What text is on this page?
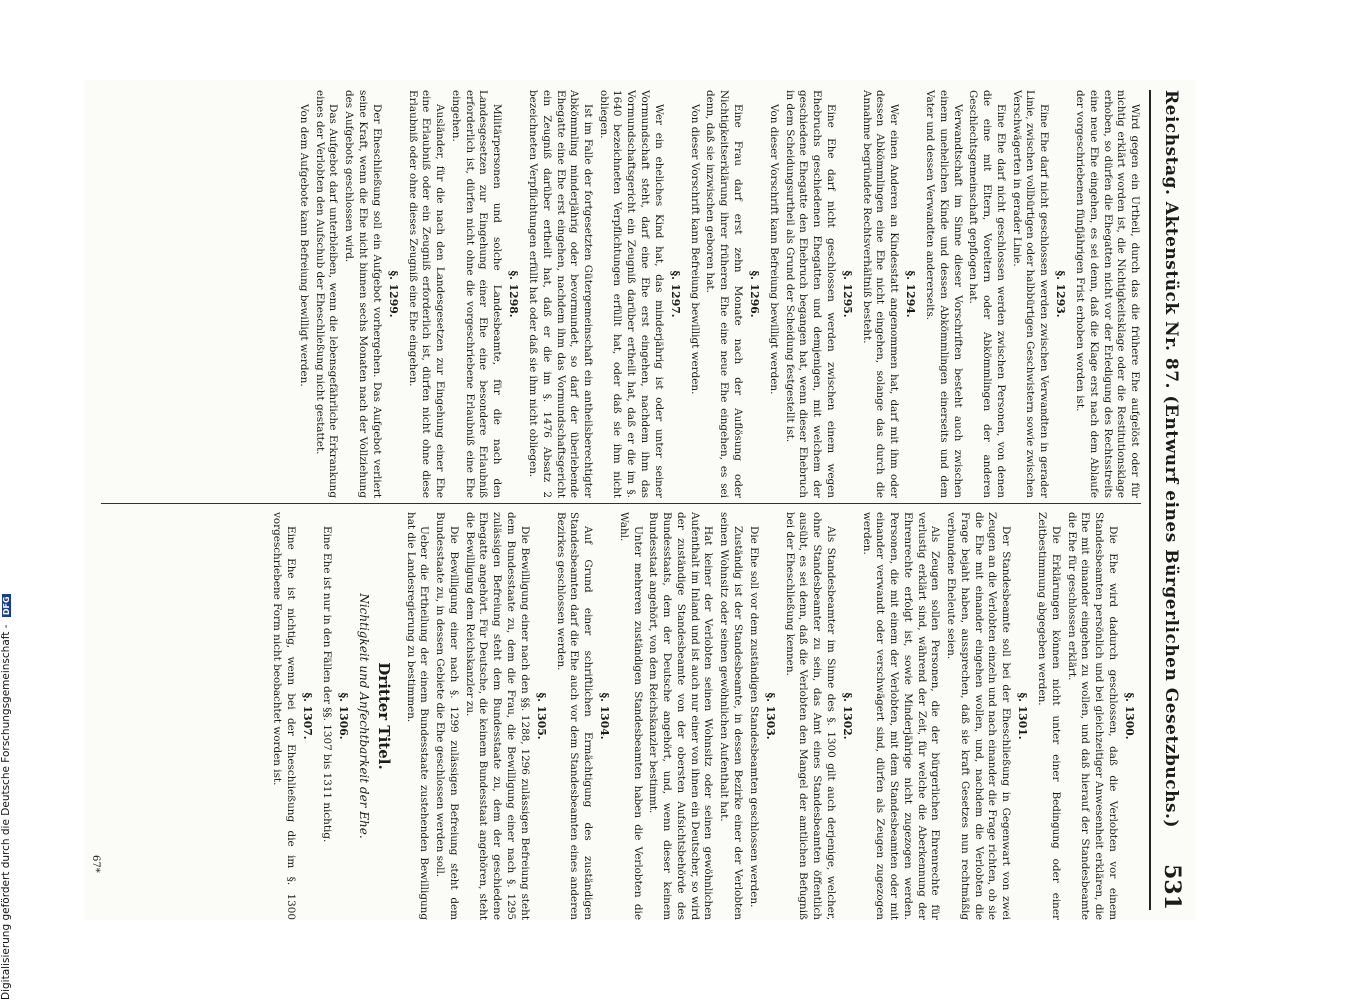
Reichstag. Aktenstück Nr. 87. (Entwurf eines Bürgerlichen Gesetzbuchs.)
531

Wird gegen ein Urtheil, durch das die frühere Ehe aufgelöst oder für nichtig erklärt worden ist, die Nichtigkeitsklage oder die Restitutionsklage erhoben, so dürfen die Ehegatten nicht vor der Erledigung des Rechtsstreits eine neue Ehe eingehen, es sei denn, daß die Klage erst nach dem Ablaufe der vorgeschriebenen fünfjährigen Frist erhoben worden ist.

§. 1293.

Eine Ehe darf nicht geschlossen werden zwischen Verwandten in gerader Linie, zwischen vollbürtigen oder halbbürtigen Geschwistern sowie zwischen Verschwägerten in gerader Linie.

Eine Ehe darf nicht geschlossen werden zwischen Personen, von denen die eine mit Eltern, Voreltern oder Abkömmlingen der anderen Geschlechtsgemeinschaft gepflogen hat.

Verwandtschaft im Sinne dieser Vorschriften besteht auch zwischen einem unehelichen Kinde und dessen Abkömmlingen einerseits und dem Vater und dessen Verwandten andererseits.

§. 1294.

Wer einen Anderen an Kindesstatt angenommen hat, darf mit ihm oder dessen Abkömmlingen eine Ehe nicht eingehen, solange das durch die Annahme begründete Rechtsverhältniß besteht.

§. 1295.

Eine Ehe darf nicht geschlossen werden zwischen einem wegen Ehebruchs geschiedenen Ehegatten und demjenigen, mit welchem der geschiedene Ehegatte den Ehebruch begangen hat, wenn dieser Ehebruch in dem Scheidungsurtheil als Grund der Scheidung festgestellt ist.

Von dieser Vorschrift kann Befreiung bewilligt werden.

§. 1296.

Eine Frau darf erst zehn Monate nach der Auflösung oder Nichtigkeitserklärung ihrer früheren Ehe eine neue Ehe eingehen, es sei denn, daß sie inzwischen geboren hat.

Von dieser Vorschrift kann Befreiung bewilligt werden.

§. 1297.

Wer ein eheliches Kind hat, das minderjährig ist oder unter seiner Vormundschaft steht, darf eine Ehe erst eingehen, nachdem ihm das Vormundschaftsgericht ein Zeugniß darüber ertheilt hat, daß er die im §. 1640 bezeichneten Verpflichtungen erfüllt hat, oder daß sie ihm nicht obliegen.

Ist im Falle der fortgesetzten Gütergemeinschaft ein antheilsberechtigter Abkömmling minderjährig oder bevormundet, so darf der überlebende Ehegatte eine Ehe erst eingehen, nachdem ihm das Vormundschaftsgericht ein Zeugniß darüber ertheilt hat, daß er die im §. 1476 Absatz 2 bezeichneten Verpflichtungen erfüllt hat oder daß sie ihm nicht obliegen.

§. 1298.

Militärpersonen und solche Landesbeamte, für die nach den Landesgesetzen zur Eingehung einer Ehe eine besondere Erlaubniß erforderlich ist, dürfen nicht ohne die vorgeschriebene Erlaubniß eine Ehe eingehen.

Ausländer, für die nach den Landesgesetzen zur Eingehung einer Ehe eine Erlaubniß oder ein Zeugniß erforderlich ist, dürfen nicht ohne diese Erlaubniß oder ohne dieses Zeugniß eine Ehe eingehen.

§. 1299.

Der Eheschließung soll ein Aufgebot vorhergehen. Das Aufgebot verliert seine Kraft, wenn die Ehe nicht binnen sechs Monaten nach der Vollziehung des Aufgebots geschlossen wird.

Das Aufgebot darf unterbleiben, wenn die lebensgefährliche Erkrankung eines der Verlobten den Aufschub der Eheschließung nicht gestattet.

Von dem Aufgebote kann Befreiung bewilligt werden.

§. 1300.

Die Ehe wird dadurch geschlossen, daß die Verlobten vor einem Standesbeamten persönlich und bei gleichzeitiger Anwesenheit erklären, die Ehe mit einander eingehen zu wollen, und daß hierauf der Standesbeamte die Ehe für geschlossen erklärt.

Die Erklärungen können nicht unter einer Bedingung oder einer Zeitbestimmung abgegeben werden.

§. 1301.

Der Standesbeamte soll bei der Eheschließung in Gegenwart von zwei Zeugen an die Verlobten einzeln und nach einander die Frage richten, ob sie die Ehe mit einander eingehen wollen, und, nachdem die Verlobten die Frage bejaht haben, aussprechen, daß sie kraft Gesetzes nun rechtmäßig verbundene Eheleute seien.

Als Zeugen sollen Personen, die der bürgerlichen Ehrenrechte für verlustig erklärt sind, während der Zeit, für welche die Aberkennung der Ehrenrechte erfolgt ist, sowie Minderjährige nicht zugezogen werden. Personen, die mit einem der Verlobten, mit dem Standesbeamten oder mit einander verwandt oder verschwägert sind, dürfen als Zeugen zugezogen werden.

§. 1302.

Als Standesbeamter im Sinne des §. 1300 gilt auch derjenige, welcher, ohne Standesbeamter zu sein, das Amt eines Standesbeamten öffentlich ausübt, es sei denn, daß die Verlobten den Mangel der amtlichen Befugniß bei der Eheschließung kennen.

§. 1303.

Die Ehe soll vor dem zuständigen Standesbeamten geschlossen werden.

Zuständig ist der Standesbeamte, in dessen Bezirke einer der Verlobten seinen Wohnsitz oder seinen gewöhnlichen Aufenthalt hat.

Hat keiner der Verlobten seinen Wohnsitz oder seinen gewöhnlichen Aufenthalt im Inland und ist auch nur einer von ihnen ein Deutscher, so wird der zuständige Standesbeamte von der obersten Aufsichtsbehörde des Bundesstaats, dem der Deutsche angehört, und, wenn dieser keinem Bundesstaat angehört, von dem Reichskanzler bestimmt.

Unter mehreren zuständigen Standesbeamten haben die Verlobten die Wahl.

§. 1304.

Auf Grund einer schriftlichen Ermächtigung des zuständigen Standesbeamten darf die Ehe auch vor dem Standesbeamten eines anderen Bezirkes geschlossen werden.

§. 1305.

Die Bewilligung einer nach den §§. 1288, 1296 zulässigen Befreiung steht dem Bundesstaate zu, dem die Frau, die Bewilligung einer nach §. 1295 zulässigen Befreiung steht dem Bundesstaate zu, dem der geschiedene Ehegatte angehört. Für Deutsche, die keinem Bundesstaat angehören, steht die Bewilligung dem Reichskanzler zu.

Die Bewilligung einer nach §. 1299 zulässigen Befreiung steht dem Bundesstaate zu, in dessen Gebiete die Ehe geschlossen werden soll.

Ueber die Ertheilung der einem Bundesstaate zustehenden Bewilligung hat die Landesregierung zu bestimmen.

Dritter Titel.
Nichtigkeit und Anfechtbarkeit der Ehe.
§. 1306.

Eine Ehe ist nur in den Fällen der §§. 1307 bis 1311 nichtig.

§. 1307.

Eine Ehe ist nichtig, wenn bei der Eheschließung die im §. 1300 vorgeschriebene Form nicht beobachtet worden ist.

67*
Digitalisierung gefördert durch die Deutsche Forschungsgemeinschaft - DFG
